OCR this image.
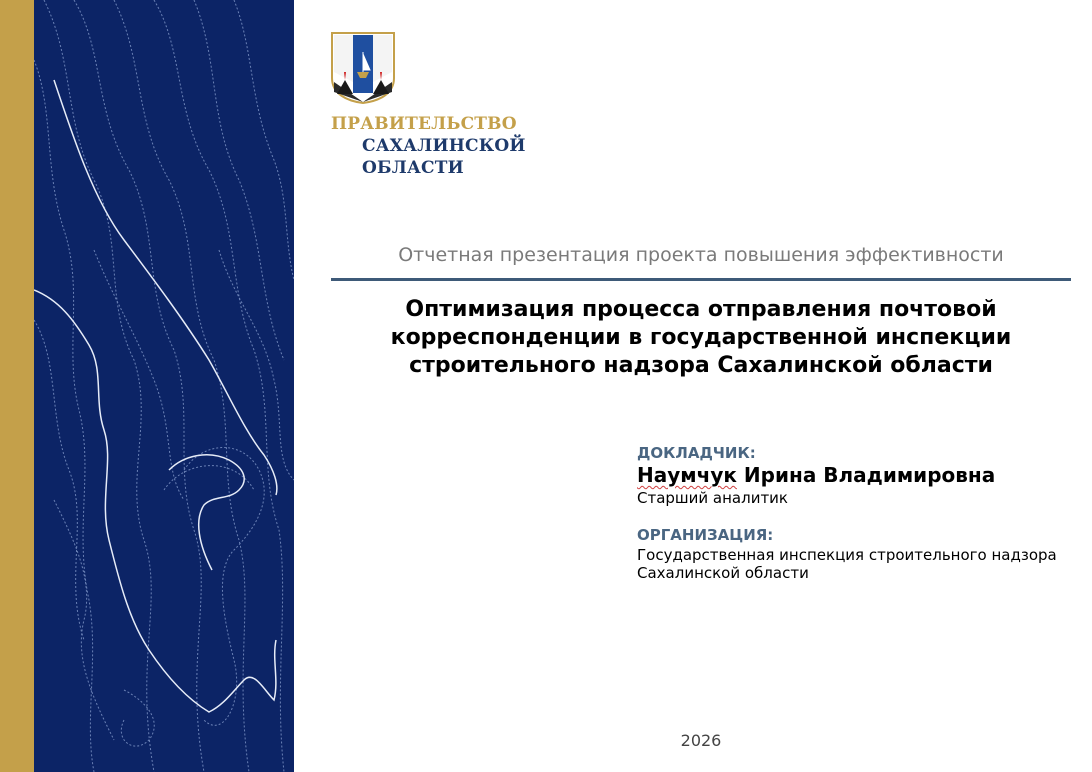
ПРАВИТЕЛЬСТВО
САХАЛИНСКОЙ
ОБЛАСТИ
Отчетная презентация проекта повышения эффективности
Оптимизация процесса отправления почтовой корреспонденции в государственной инспекции строительного надзора Сахалинской области
ДОКЛАДЧИК:
Наумчук Ирина Владимировна
Старший аналитик
ОРГАНИЗАЦИЯ:
Государственная инспекция строительного надзора Сахалинской области
2026
